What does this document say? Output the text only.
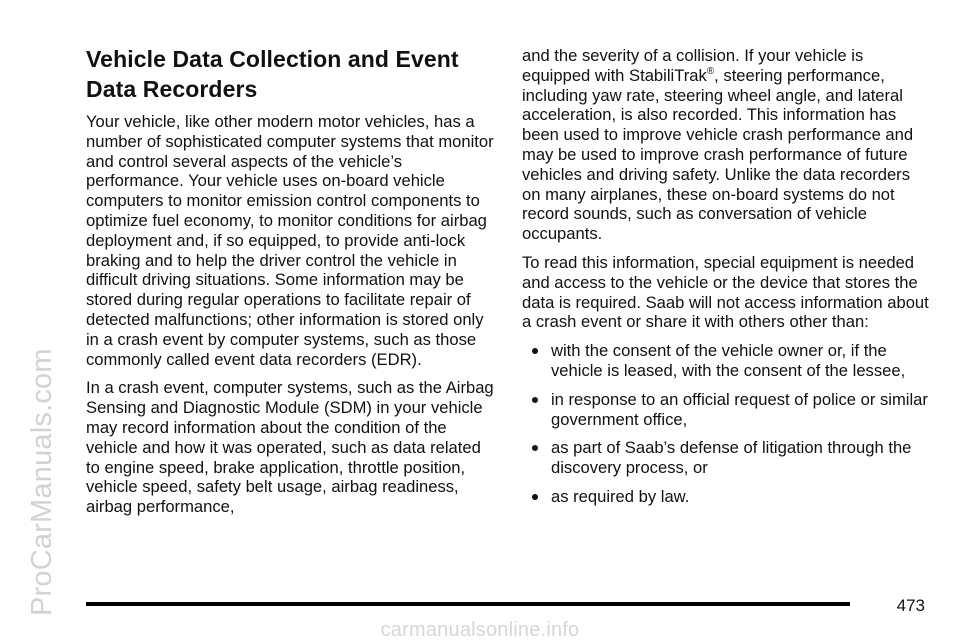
ProCarManuals.com
Vehicle Data Collection and Event Data Recorders

Your vehicle, like other modern motor vehicles, has a number of sophisticated computer systems that monitor and control several aspects of the vehicle’s performance. Your vehicle uses on-board vehicle computers to monitor emission control components to optimize fuel economy, to monitor conditions for airbag deployment and, if so equipped, to provide anti-lock braking and to help the driver control the vehicle in difficult driving situations. Some information may be stored during regular operations to facilitate repair of detected malfunctions; other information is stored only in a crash event by computer systems, such as those commonly called event data recorders (EDR).

In a crash event, computer systems, such as the Airbag Sensing and Diagnostic Module (SDM) in your vehicle may record information about the condition of the vehicle and how it was operated, such as data related to engine speed, brake application, throttle position, vehicle speed, safety belt usage, airbag readiness, airbag performance,

and the severity of a collision. If your vehicle is equipped with StabiliTrak®, steering performance, including yaw rate, steering wheel angle, and lateral acceleration, is also recorded. This information has been used to improve vehicle crash performance and may be used to improve crash performance of future vehicles and driving safety. Unlike the data recorders on many airplanes, these on-board systems do not record sounds, such as conversation of vehicle occupants.

To read this information, special equipment is needed and access to the vehicle or the device that stores the data is required. Saab will not access information about a crash event or share it with others other than:

with the consent of the vehicle owner or, if the vehicle is leased, with the consent of the lessee,
in response to an official request of police or similar government office,
as part of Saab’s defense of litigation through the discovery process, or
as required by law.
473
carmanualsonline.info
